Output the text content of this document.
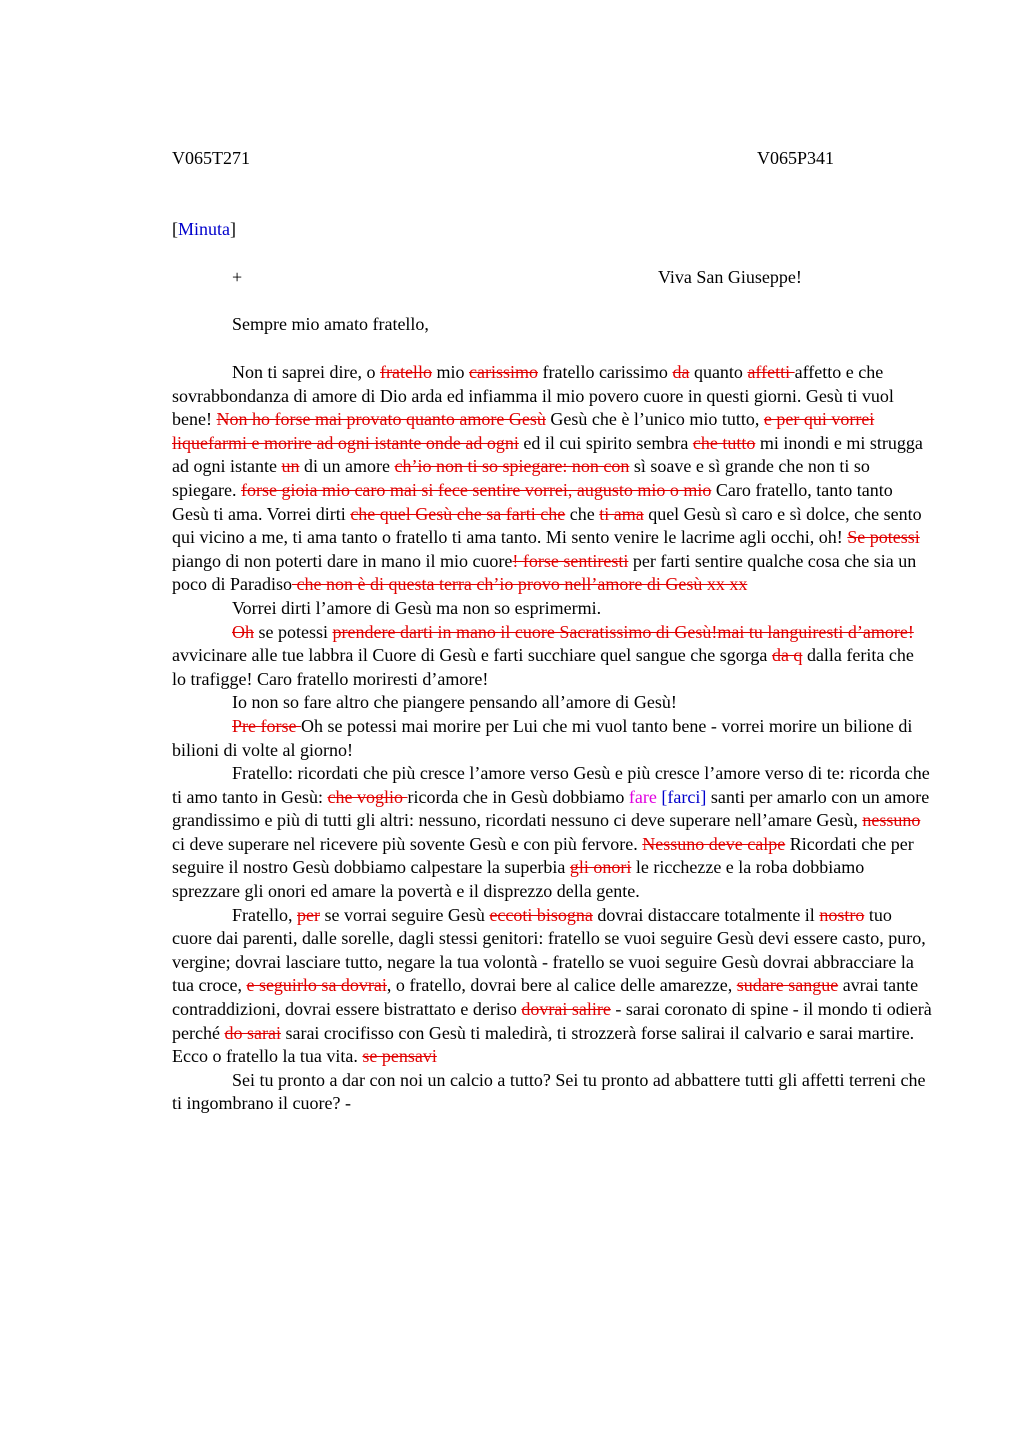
V065T271	V065P341
[Minuta]
+	Viva San Giuseppe!
Sempre mio amato fratello,

Non ti saprei dire, o fratello mio carissimo fratello carissimo da quanto affetti affetto e che sovrabbondanza di amore di Dio arda ed infiamma il mio povero cuore in questi giorni. Gesù ti vuol bene! Non ho forse mai provato quanto amore Gesù Gesù che è l’unico mio tutto, e per qui vorrei liquefarmi e morire ad ogni istante onde ad ogni ed il cui spirito sembra che tutto mi inondi e mi strugga ad ogni istante un di un amore ch’io non ti so spiegare: non con sì soave e sì grande che non ti so spiegare. forse gioia mio caro mai si fece sentire vorrei, augusto mio o mio Caro fratello, tanto tanto Gesù ti ama. Vorrei dirti che quel Gesù che sa farti che che ti ama quel Gesù sì caro e sì dolce, che sento qui vicino a me, ti ama tanto o fratello ti ama tanto. Mi sento venire le lacrime agli occhi, oh! Se potessi piango di non poterti dare in mano il mio cuore! forse sentiresti per farti sentire qualche cosa che sia un poco di Paradiso che non è di questa terra ch’io provo nell’amore di Gesù xx xx

Vorrei dirti l’amore di Gesù ma non so esprimermi.

Oh se potessi prendere darti in mano il cuore Sacratissimo di Gesù!mai tu languiresti d’amore! avvicinare alle tue labbra il Cuore di Gesù e farti succhiare quel sangue che sgorga da q dalla ferita che lo trafigge! Caro fratello moriresti d’amore!

Io non so fare altro che piangere pensando all’amore di Gesù!

Pre forse Oh se potessi mai morire per Lui che mi vuol tanto bene - vorrei morire un bilione di bilioni di volte al giorno!

Fratello: ricordati che più cresce l’amore verso Gesù e più cresce l’amore verso di te: ricorda che ti amo tanto in Gesù: che voglio ricorda che in Gesù dobbiamo fare [farci] santi per amarlo con un amore grandissimo e più di tutti gli altri: nessuno, ricordati nessuno ci deve superare nell’amare Gesù, nessuno ci deve superare nel ricevere più sovente Gesù e con più fervore. Nessuno deve calpe Ricordati che per seguire il nostro Gesù dobbiamo calpestare la superbia gli onori le ricchezze e la roba dobbiamo sprezzare gli onori ed amare la povertà e il disprezzo della gente.

Fratello, per se vorrai seguire Gesù eccoti bisogna dovrai distaccare totalmente il nostro tuo cuore dai parenti, dalle sorelle, dagli stessi genitori: fratello se vuoi seguire Gesù devi essere casto, puro, vergine; dovrai lasciare tutto, negare la tua volontà - fratello se vuoi seguire Gesù dovrai abbracciare la tua croce, e seguirlo sa dovrai, o fratello, dovrai bere al calice delle amarezze, sudare sangue avrai tante contraddizioni, dovrai essere bistrattato e deriso dovrai salire - sarai coronato di spine - il mondo ti odierà perché do sarai sarai crocifisso con Gesù ti maledirà, ti strozzerà forse salirai il calvario e sarai martire. Ecco o fratello la tua vita. se pensavi

Sei tu pronto a dar con noi un calcio a tutto? Sei tu pronto ad abbattere tutti gli affetti terreni che ti ingombrano il cuore? -
